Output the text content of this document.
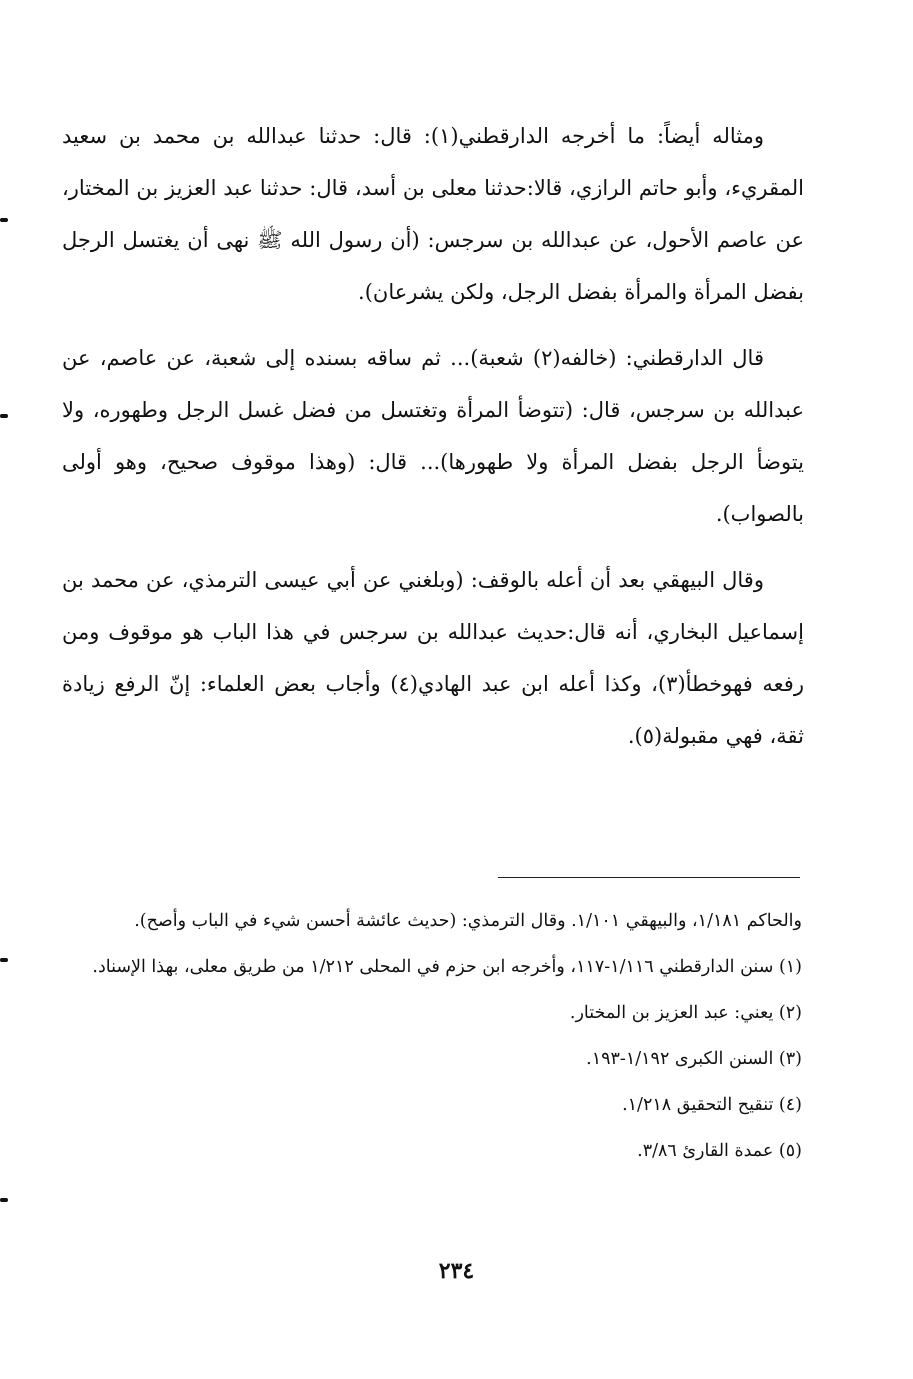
ومثاله أيضاً: ما أخرجه الدارقطني(١): قال: حدثنا عبدالله بن محمد بن سعيد المقريء، وأبو حاتم الرازي، قالا:حدثنا معلى بن أسد، قال: حدثنا عبد العزيز بن المختار، عن عاصم الأحول، عن عبدالله بن سرجس: (أن رسول الله ﷺ نهى أن يغتسل الرجل بفضل المرأة والمرأة بفضل الرجل، ولكن يشرعان).

قال الدارقطني: (خالفه(٢) شعبة)... ثم ساقه بسنده إلى شعبة، عن عاصم، عن عبدالله بن سرجس، قال: (تتوضأ المرأة وتغتسل من فضل غسل الرجل وطهوره، ولا يتوضأ الرجل بفضل المرأة ولا طهورها)... قال: (وهذا موقوف صحيح، وهو أولى بالصواب).

وقال البيهقي بعد أن أعله بالوقف: (وبلغني عن أبي عيسى الترمذي، عن محمد بن إسماعيل البخاري، أنه قال:حديث عبدالله بن سرجس في هذا الباب هو موقوف ومن رفعه فهوخطأ(٣)، وكذا أعله ابن عبد الهادي(٤) وأجاب بعض العلماء: إنّ الرفع زيادة ثقة، فهي مقبولة(٥).

والحاكم ١/١٨١، والبيهقي ١/١٠١. وقال الترمذي: (حديث عائشة أحسن شيء في الباب وأصح).

(١) سنن الدارقطني ١/١١٦-١١٧، وأخرجه ابن حزم في المحلى ١/٢١٢ من طريق معلى، بهذا الإسناد.

(٢) يعني: عبد العزيز بن المختار.

(٣) السنن الكبرى ١/١٩٢-١٩٣.

(٤) تنقيح التحقيق ١/٢١٨.

(٥) عمدة القارئ ٣/٨٦.

٢٣٤
